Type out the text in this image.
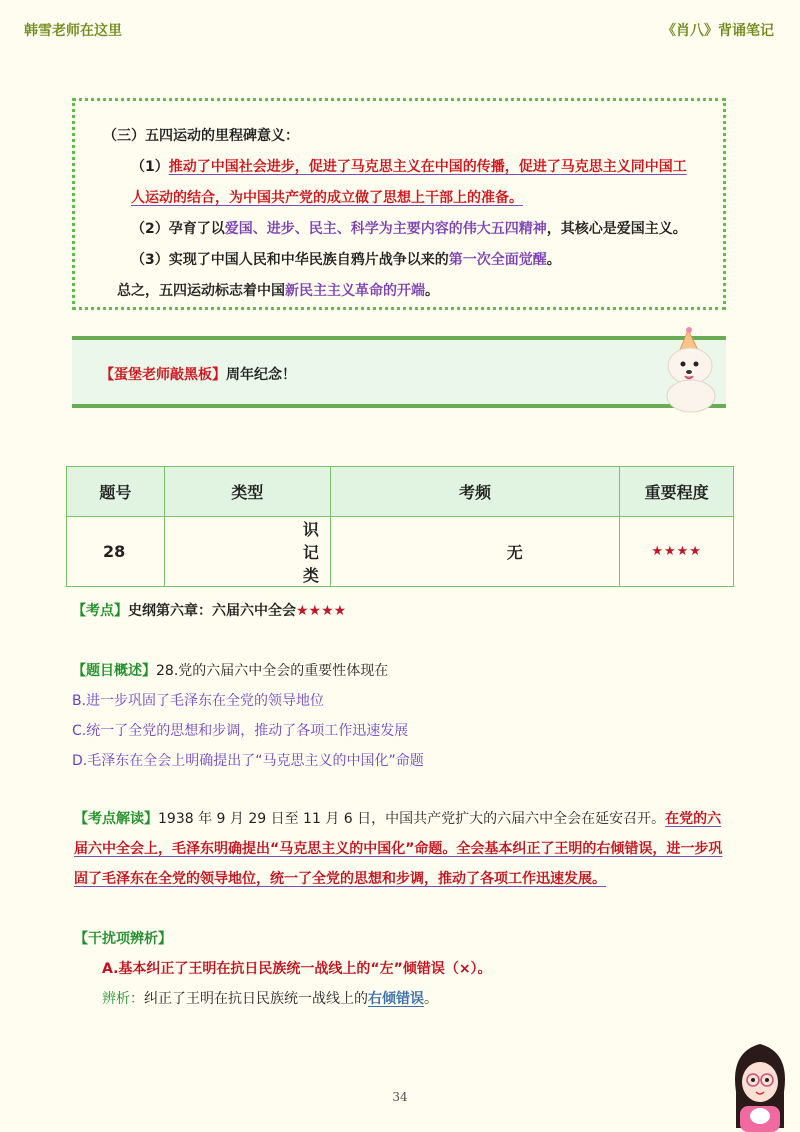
韩雪老师在这里	《肖八》背诵笔记

（三）五四运动的里程碑意义：

（1）推动了中国社会进步，促进了马克思主义在中国的传播，促进了马克思主义同中国工人运动的结合，为中国共产党的成立做了思想上干部上的准备。

（2）孕育了以爱国、进步、民主、科学为主要内容的伟大五四精神，其核心是爱国主义。

（3）实现了中国人民和中华民族自鸦片战争以来的第一次全面觉醒。

总之，五四运动标志着中国新民主主义革命的开端。

【蛋堡老师敲黑板】周年纪念！
题号	类型	考频	重要程度
28	识记类	无	★★★★
【考点】史纲第六章：六届六中全会★★★★
【题目概述】28.党的六届六中全会的重要性体现在
B.进一步巩固了毛泽东在全党的领导地位
C.统一了全党的思想和步调，推动了各项工作迅速发展
D.毛泽东在全会上明确提出了“马克思主义的中国化”命题
【考点解读】1938 年 9 月 29 日至 11 月 6 日，中国共产党扩大的六届六中全会在延安召开。在党的六届六中全会上，毛泽东明确提出“马克思主义的中国化”命题。全会基本纠正了王明的右倾错误，进一步巩固了毛泽东在全党的领导地位，统一了全党的思想和步调，推动了各项工作迅速发展。
【干扰项辨析】
A.基本纠正了王明在抗日民族统一战线上的“左”倾错误（×）。
辨析：纠正了王明在抗日民族统一战线上的右倾错误。
34
